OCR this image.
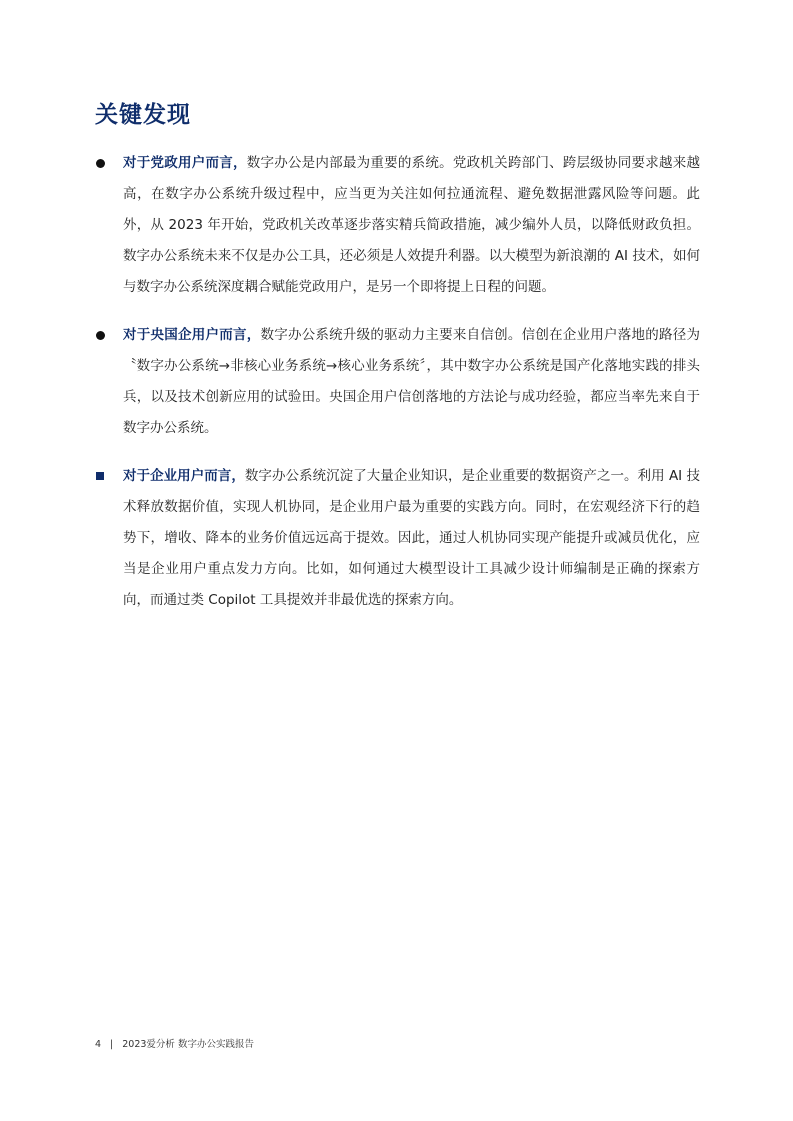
关键发现
对于党政用户而言，数字办公是内部最为重要的系统。党政机关跨部门、跨层级协同要求越来越高，在数字办公系统升级过程中，应当更为关注如何拉通流程、避免数据泄露风险等问题。此外，从 2023 年开始，党政机关改革逐步落实精兵简政措施，减少编外人员，以降低财政负担。数字办公系统未来不仅是办公工具，还必须是人效提升利器。以大模型为新浪潮的 AI 技术，如何与数字办公系统深度耦合赋能党政用户，是另一个即将提上日程的问题。
对于央国企用户而言，数字办公系统升级的驱动力主要来自信创。信创在企业用户落地的路径为〝数字办公系统→非核心业务系统→核心业务系统〞，其中数字办公系统是国产化落地实践的排头兵，以及技术创新应用的试验田。央国企用户信创落地的方法论与成功经验，都应当率先来自于数字办公系统。
对于企业用户而言，数字办公系统沉淀了大量企业知识，是企业重要的数据资产之一。利用 AI 技术释放数据价值，实现人机协同，是企业用户最为重要的实践方向。同时，在宏观经济下行的趋势下，增收、降本的业务价值远远高于提效。因此，通过人机协同实现产能提升或减员优化，应当是企业用户重点发力方向。比如，如何通过大模型设计工具减少设计师编制是正确的探索方向，而通过类 Copilot 工具提效并非最优选的探索方向。
4 | 2023爱分析 数字办公实践报告
